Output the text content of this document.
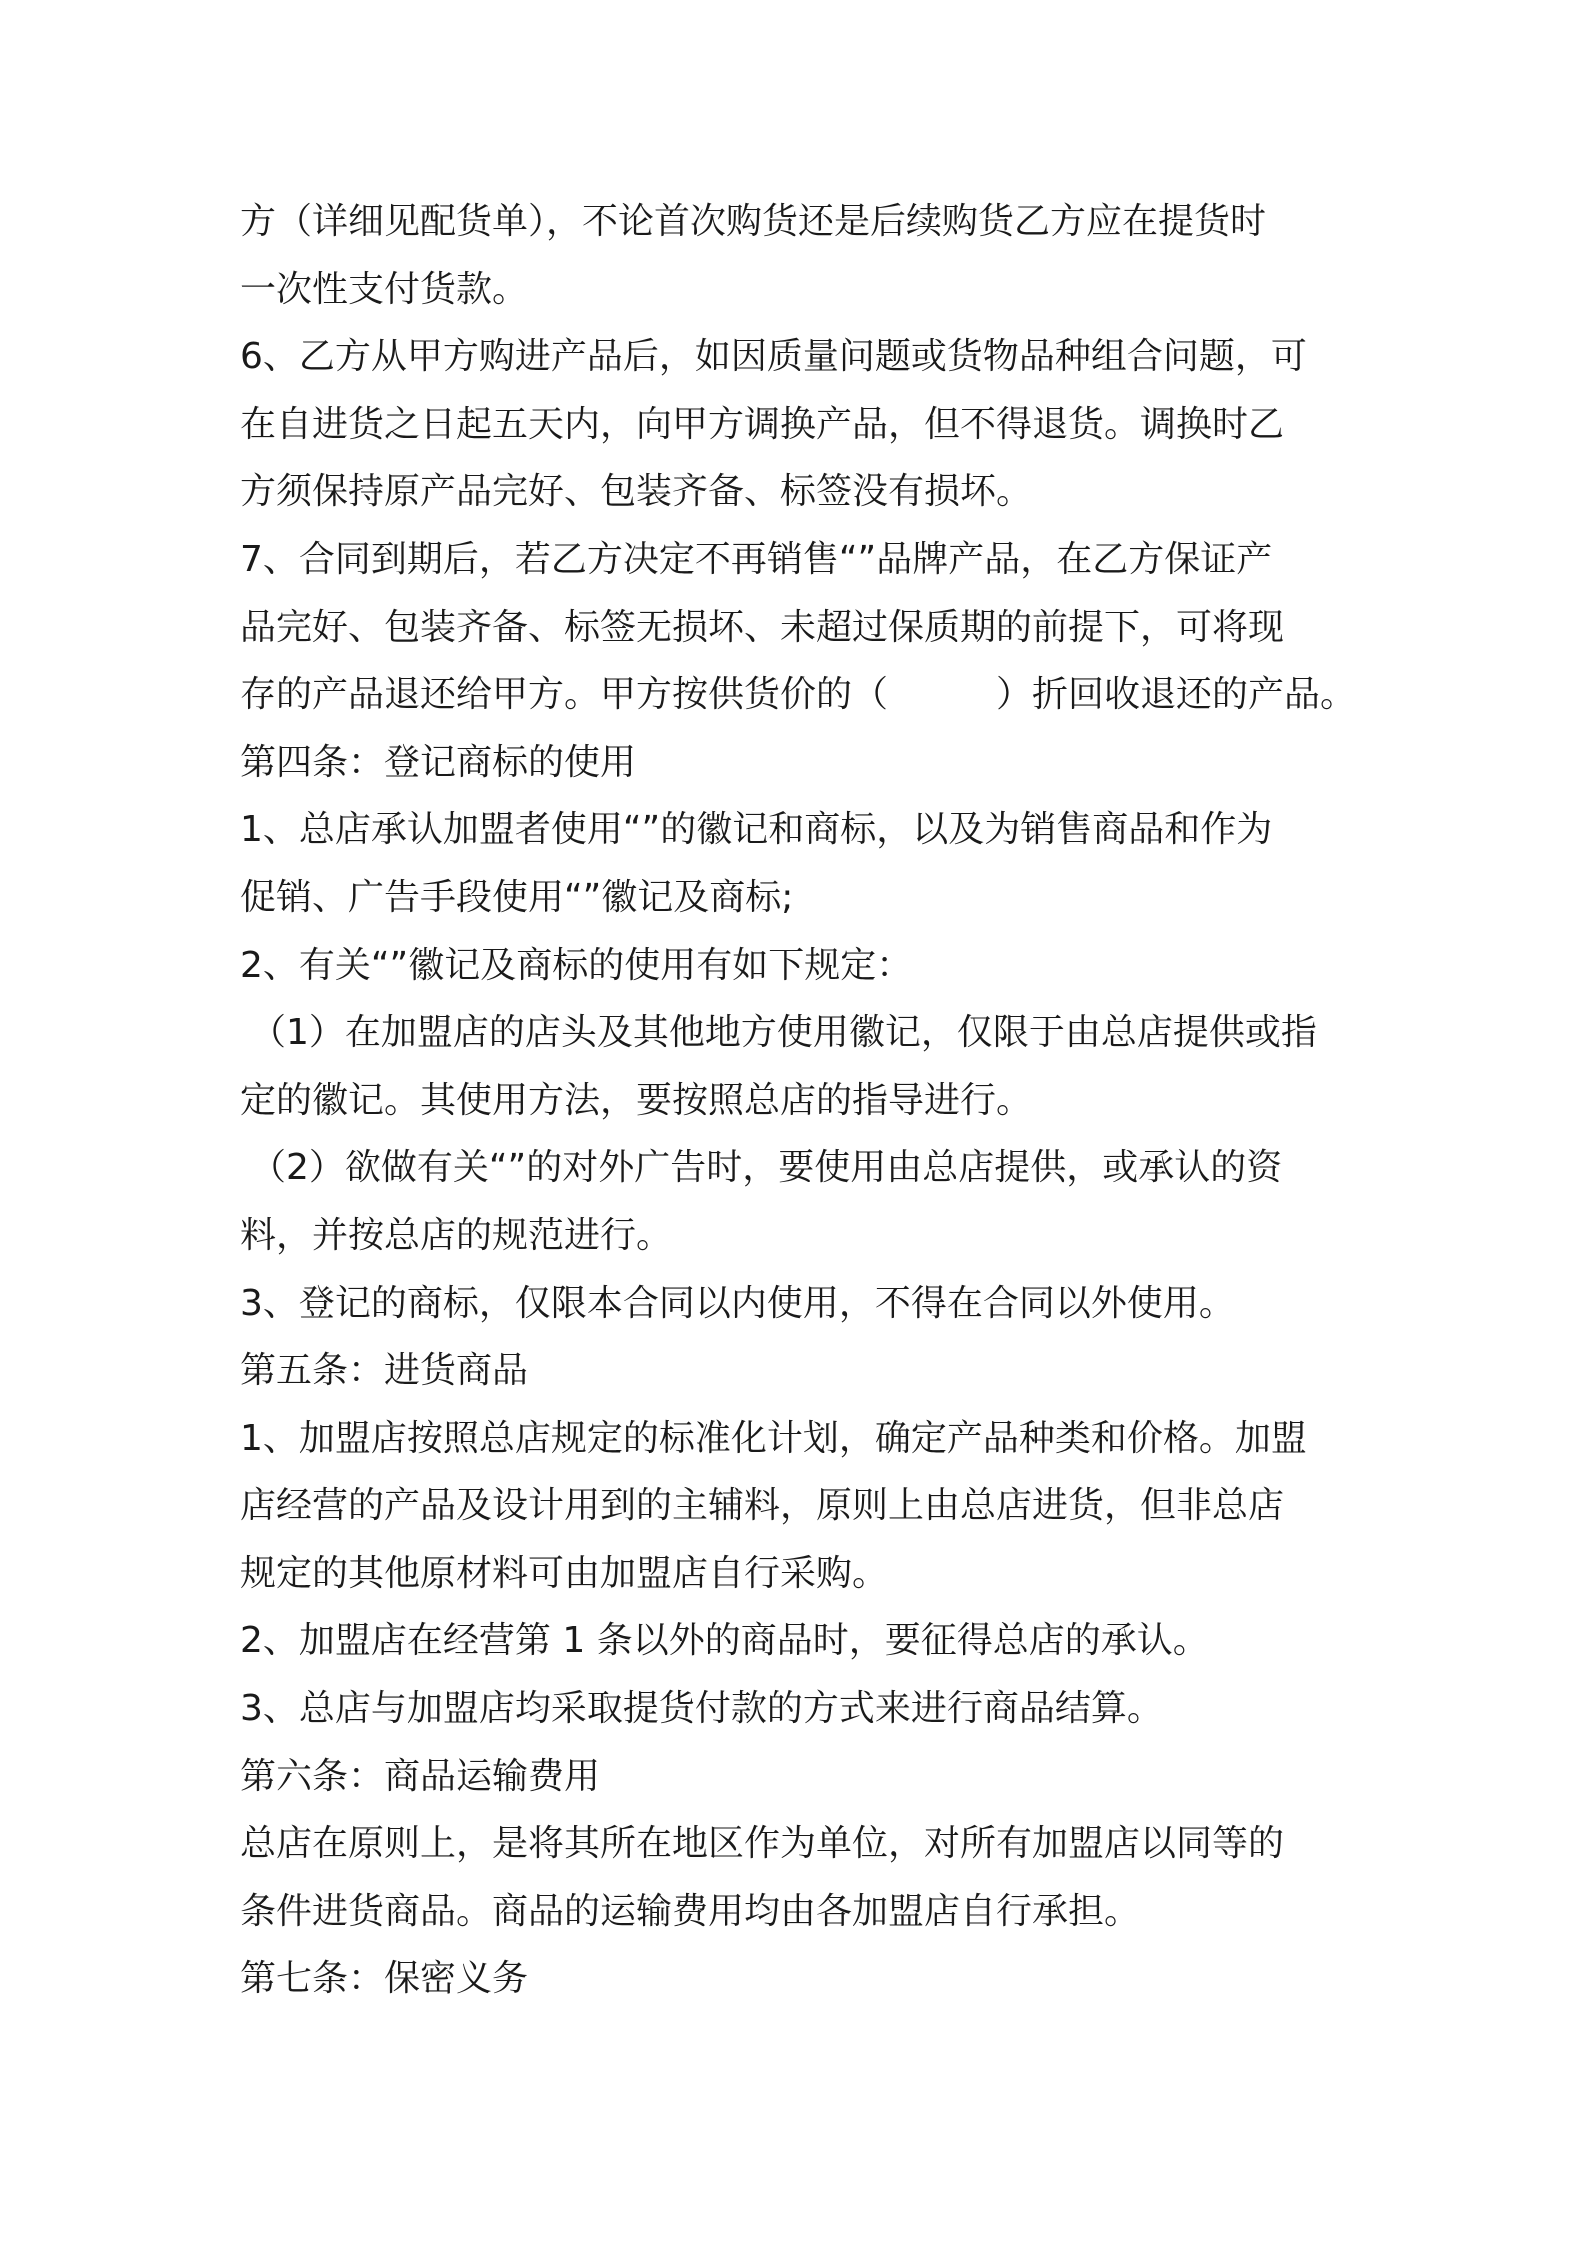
方（详细见配货单），不论首次购货还是后续购货乙方应在提货时
一次性支付货款。
6、乙方从甲方购进产品后，如因质量问题或货物品种组合问题，可
在自进货之日起五天内，向甲方调换产品，但不得退货。调换时乙
方须保持原产品完好、包装齐备、标签没有损坏。
7、合同到期后，若乙方决定不再销售“”品牌产品，在乙方保证产
品完好、包装齐备、标签无损坏、未超过保质期的前提下，可将现
存的产品退还给甲方。甲方按供货价的（　　　）折回收退还的产品。
第四条：登记商标的使用
1、总店承认加盟者使用“”的徽记和商标，以及为销售商品和作为
促销、广告手段使用“”徽记及商标;
2、有关“”徽记及商标的使用有如下规定：
（1）在加盟店的店头及其他地方使用徽记，仅限于由总店提供或指
定的徽记。其使用方法，要按照总店的指导进行。
（2）欲做有关“”的对外广告时，要使用由总店提供，或承认的资
料，并按总店的规范进行。
3、登记的商标，仅限本合同以内使用，不得在合同以外使用。
第五条：进货商品
1、加盟店按照总店规定的标准化计划，确定产品种类和价格。加盟
店经营的产品及设计用到的主辅料，原则上由总店进货，但非总店
规定的其他原材料可由加盟店自行采购。
2、加盟店在经营第 1 条以外的商品时，要征得总店的承认。
3、总店与加盟店均采取提货付款的方式来进行商品结算。
第六条：商品运输费用
总店在原则上，是将其所在地区作为单位，对所有加盟店以同等的
条件进货商品。商品的运输费用均由各加盟店自行承担。
第七条：保密义务
